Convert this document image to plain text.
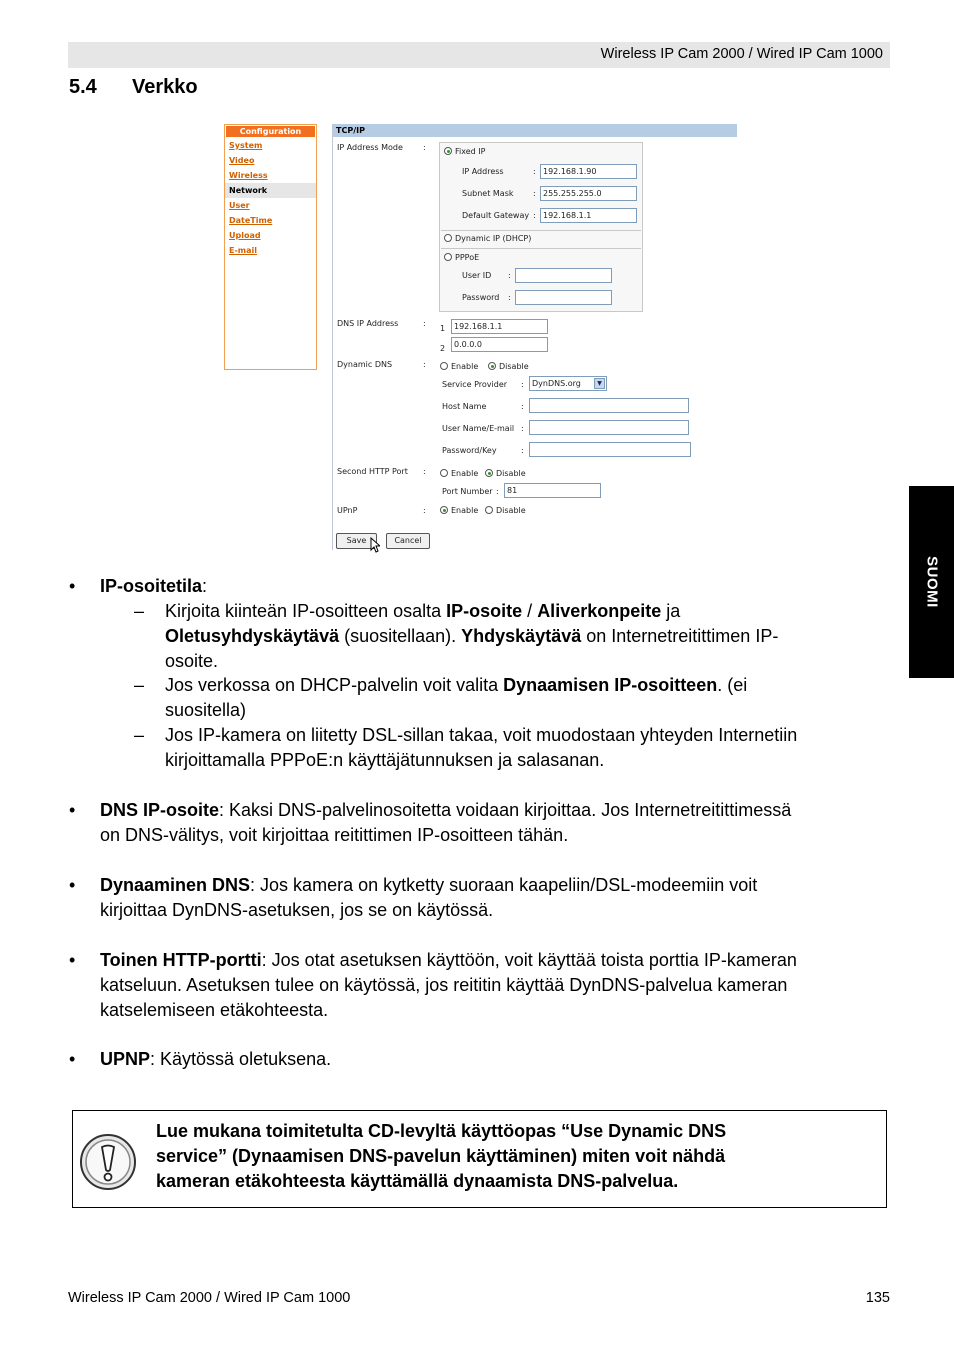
Wireless IP Cam 2000 / Wired IP Cam 1000
5.4 Verkko
SUOMI
Configuration
System
Video
Wireless
Network
User
DateTime
Upload
E-mail
TCP/IP
IP Address Mode	:	Fixed IP
IP Address	: 192.168.1.90
Subnet Mask : 255.255.255.0
Default Gateway : 192.168.1.1
Dynamic IP (DHCP)
PPPoE
User ID :
Password :
DNS IP Address	:
1	192.168.1.1
2	0.0.0.0
Dynamic DNS	:	Enable	Disable
Service Provider :	DynDNS.org	▼
Host Name	:
User Name/E-mail :
Password/Key	:
Second HTTP Port :	Enable	Disable
Port Number :	81
UPnP	:	Enable	Disable
Save	Cancel
• IP-osoitetila:
– Kirjoita kiinteän IP-osoitteen osalta IP-osoite / Aliverkonpeite ja
Oletusyhdyskäytävä (suositellaan). Yhdyskäytävä on Internetreitittimen IP-
osoite.
– Jos verkossa on DHCP-palvelin voit valita Dynaamisen IP-osoitteen. (ei
suositella)
– Jos IP-kamera on liitetty DSL-sillan takaa, voit muodostaan yhteyden Internetiin
kirjoittamalla PPPoE:n käyttäjätunnuksen ja salasanan.
• DNS IP-osoite: Kaksi DNS-palvelinosoitetta voidaan kirjoittaa. Jos Internetreitittimessä
on DNS-välitys, voit kirjoittaa reitittimen IP-osoitteen tähän.
• Dynaaminen DNS: Jos kamera on kytketty suoraan kaapeliin/DSL-modeemiin voit
kirjoittaa DynDNS-asetuksen, jos se on käytössä.
• Toinen HTTP-portti: Jos otat asetuksen käyttöön, voit käyttää toista porttia IP-kameran
katseluun. Asetuksen tulee on käytössä, jos reititin käyttää DynDNS-palvelua kameran
katselemiseen etäkohteesta.
• UPNP: Käytössä oletuksena.
Lue mukana toimitetulta CD-levyltä käyttöopas “Use Dynamic DNS
service” (Dynaamisen DNS-pavelun käyttäminen) miten voit nähdä
kameran etäkohteesta käyttämällä dynaamista DNS-palvelua.
Wireless IP Cam 2000 / Wired IP Cam 1000	135
